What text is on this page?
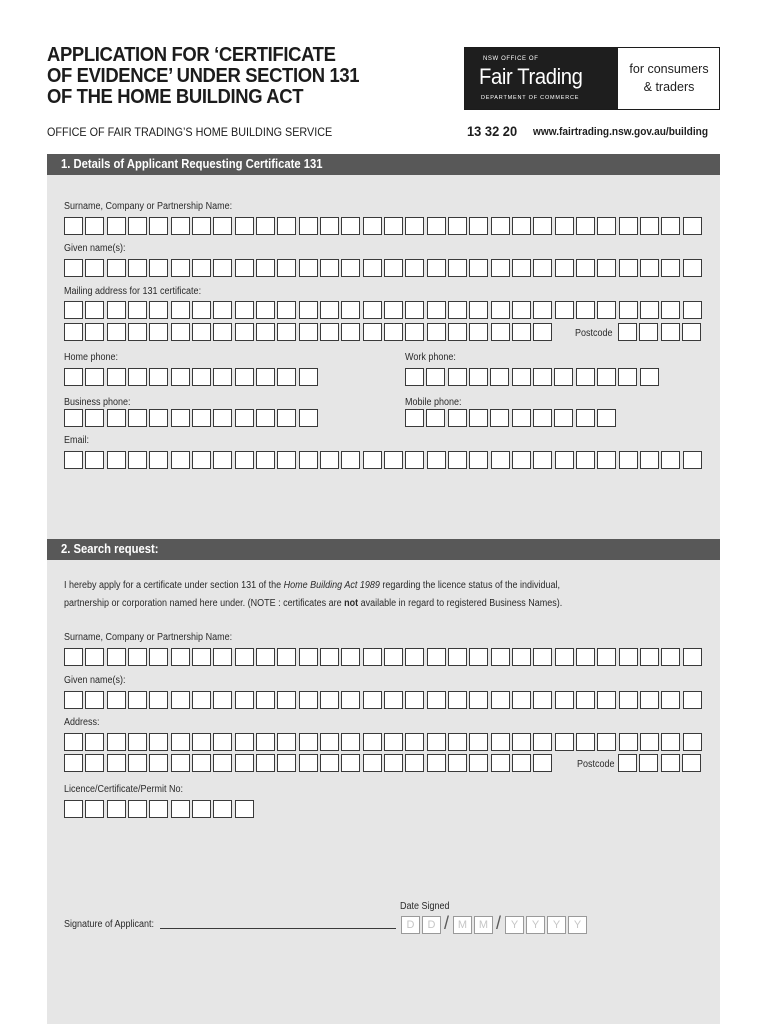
APPLICATION FOR ‘CERTIFICATE
OF EVIDENCE’ UNDER SECTION 131
OF THE HOME BUILDING ACT
OFFICE OF FAIR TRADING’S HOME BUILDING SERVICE
NSW OFFICE OF
Fair Trading
DEPARTMENT OF COMMERCE
for consumers
& traders
13 32 20 www.fairtrading.nsw.gov.au/building
1. Details of Applicant Requesting Certificate 131
Surname, Company or Partnership Name:
Given name(s):
Mailing address for 131 certificate:
Postcode
Home phone:	Work phone:
Business phone:	Mobile phone:
Email:
2. Search request:
I hereby apply for a certificate under section 131 of the Home Building Act 1989 regarding the licence status of the individual,
partnership or corporation named here under. (NOTE : certificates are not available in regard to registered Business Names).
Surname, Company or Partnership Name:
Given name(s):
Address:
Postcode
Licence/Certificate/Permit No:
Date Signed
Signature of Applicant:	D	D / M	M / Y	Y	Y	Y
